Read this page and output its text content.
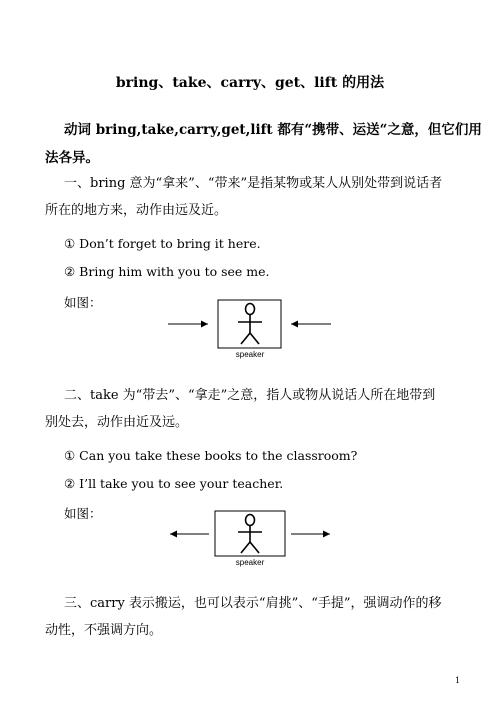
bring、take、carry、get、lift 的用法
动词 bring,take,carry,get,lift 都有“携带、运送“之意，但它们用
法各异。
一、bring 意为“拿来”、“带来”是指某物或某人从别处带到说话者
所在的地方来，动作由远及近。
① Don’t forget to bring it here.
② Bring him with you to see me.
如图：
speaker
二、take 为“带去”、“拿走”之意，指人或物从说话人所在地带到
别处去，动作由近及远。
① Can you take these books to the classroom?
② I’ll take you to see your teacher.
如图：
speaker
三、carry 表示搬运，也可以表示“肩挑”、“手提”，强调动作的移
动性，不强调方向。
1
